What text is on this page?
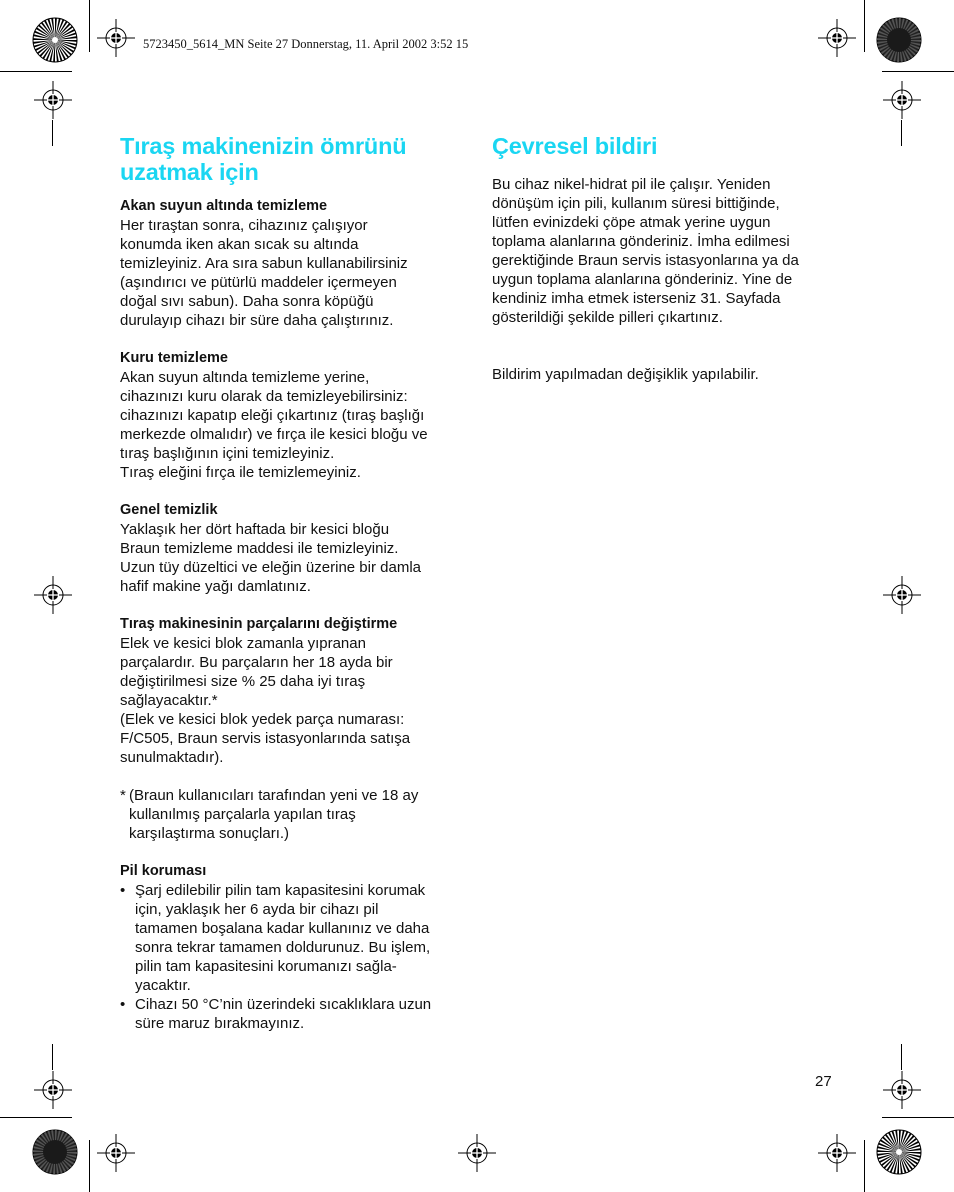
5723450_5614_MN Seite 27 Donnerstag, 11. April 2002 3:52 15
Tıraş makinenizin ömrünü
uzatmak için
Akan suyun altında temizleme

Her tıraştan sonra, cihazınız çalışıyor
konumda iken akan sıcak su altında
temizleyiniz. Ara sıra sabun kullanabilirsiniz
(aşındırıcı ve pütürlü maddeler içermeyen
doğal sıvı sabun). Daha sonra köpüğü
durulayıp cihazı bir süre daha çalıştırınız.

Kuru temizleme

Akan suyun altında temizleme yerine,
cihazınızı kuru olarak da temizleyebilirsiniz:
cihazınızı kapatıp eleği çıkartınız (tıraş başlığı
merkezde olmalıdır) ve fırça ile kesici bloğu ve
tıraş başlığının içini temizleyiniz.
Tıraş eleğini fırça ile temizlemeyiniz.

Genel temizlik

Yaklaşık her dört haftada bir kesici bloğu
Braun temizleme maddesi ile temizleyiniz.
Uzun tüy düzeltici ve eleğin üzerine bir damla
hafif makine yağı damlatınız.

Tıraş makinesinin parçalarını değiştirme

Elek ve kesici blok zamanla yıpranan
parçalardır. Bu parçaların her 18 ayda bir
değiştirilmesi size % 25 daha iyi tıraş
sağlayacaktır.*
(Elek ve kesici blok yedek parça numarası:
F/C505, Braun servis istasyonlarında satışa
sunulmaktadır).

* (Braun kullanıcıları tarafından yeni ve 18 ay
kullanılmış parçalarla yapılan tıraş
karşılaştırma sonuçları.)
Pil koruması
• Şarj edilebilir pilin tam kapasitesini korumak
için, yaklaşık her 6 ayda bir cihazı pil
tamamen boşalana kadar kullanınız ve daha
sonra tekrar tamamen doldurunuz. Bu işlem,
pilin tam kapasitesini korumanızı sağla-
yacaktır.
• Cihazı 50 °C’nin üzerindeki sıcaklıklara uzun
süre maruz bırakmayınız.
Çevresel bildiri

Bu cihaz nikel-hidrat pil ile çalışır. Yeniden
dönüşüm için pili, kullanım süresi bittiğinde,
lütfen evinizdeki çöpe atmak yerine uygun
toplama alanlarına gönderiniz. İmha edilmesi
gerektiğinde Braun servis istasyonlarına ya da
uygun toplama alanlarına gönderiniz. Yine de
kendiniz imha etmek isterseniz 31. Sayfada
gösterildiği şekilde pilleri çıkartınız.

Bildirim yapılmadan değişiklik yapılabilir.

27
